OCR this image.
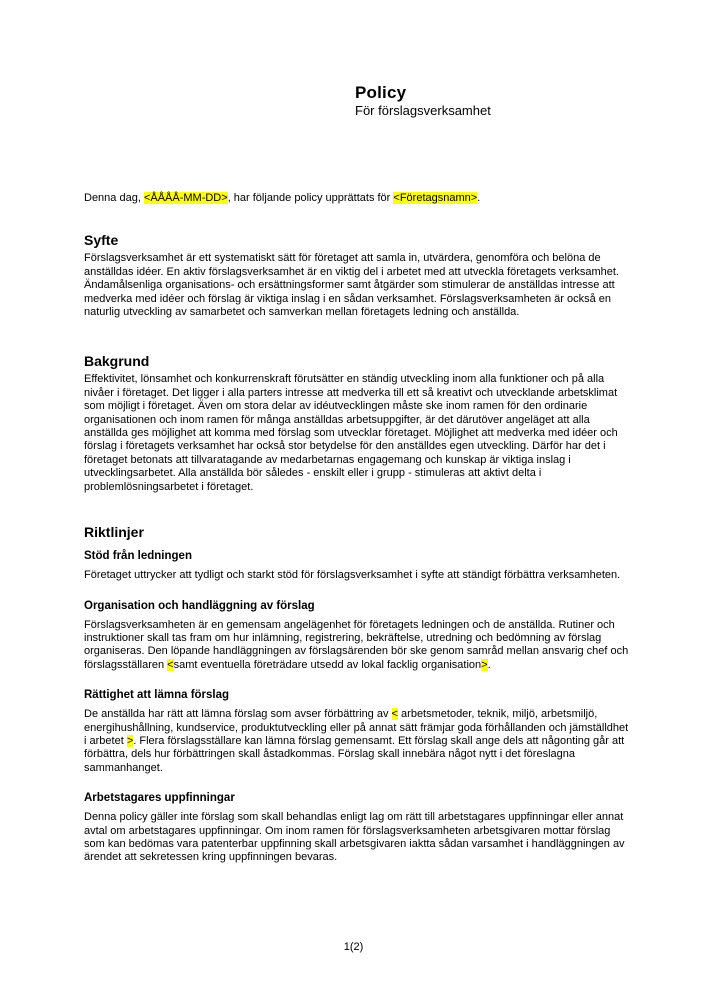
Policy
För förslagsverksamhet

Denna dag, <ÅÅÅÅ-MM-DD>, har följande policy upprättats för <Företagsnamn>.

Syfte

Förslagsverksamhet är ett systematiskt sätt för företaget att samla in, utvärdera, genomföra och belöna de anställdas idéer. En aktiv förslagsverksamhet är en viktig del i arbetet med att utveckla företagets verksamhet. Ändamålsenliga organisations- och ersättningsformer samt åtgärder som stimulerar de anställdas intresse att medverka med idéer och förslag är viktiga inslag i en sådan verksamhet. Förslagsverksamheten är också en naturlig utveckling av samarbetet och samverkan mellan företagets ledning och anställda.

Bakgrund

Effektivitet, lönsamhet och konkurrenskraft förutsätter en ständig utveckling inom alla funktioner och på alla nivåer i företaget. Det ligger i alla parters intresse att medverka till ett så kreativt och utvecklande arbetsklimat som möjligt i företaget. Även om stora delar av idéutvecklingen måste ske inom ramen för den ordinarie organisationen och inom ramen för många anställdas arbetsuppgifter, är det därutöver angeläget att alla anställda ges möjlighet att komma med förslag som utvecklar företaget. Möjlighet att medverka med idéer och förslag i företagets verksamhet har också stor betydelse för den anställdes egen utveckling. Därför har det i företaget betonats att tillvaratagande av medarbetarnas engagemang och kunskap är viktiga inslag i utvecklingsarbetet. Alla anställda bör således - enskilt eller i grupp - stimuleras att aktivt delta i problemlösningsarbetet i företaget.

Riktlinjer
Stöd från ledningen

Företaget uttrycker att tydligt och starkt stöd för förslagsverksamhet i syfte att ständigt förbättra verksamheten.

Organisation och handläggning av förslag

Förslagsverksamheten är en gemensam angelägenhet för företagets ledningen och de anställda. Rutiner och instruktioner skall tas fram om hur inlämning, registrering, bekräftelse, utredning och bedömning av förslag organiseras. Den löpande handläggningen av förslagsärenden bör ske genom samråd mellan ansvarig chef och förslagsställaren <samt eventuella företrädare utsedd av lokal facklig organisation>.

Rättighet att lämna förslag

De anställda har rätt att lämna förslag som avser förbättring av < arbetsmetoder, teknik, miljö, arbetsmiljö, energihushållning, kundservice, produktutveckling eller på annat sätt främjar goda förhållanden och jämställdhet i arbetet >. Flera förslagsställare kan lämna förslag gemensamt. Ett förslag skall ange dels att någonting går att förbättra, dels hur förbättringen skall åstadkommas. Förslag skall innebära något nytt i det föreslagna sammanhanget.

Arbetstagares uppfinningar

Denna policy gäller inte förslag som skall behandlas enligt lag om rätt till arbetstagares uppfinningar eller annat avtal om arbetstagares uppfinningar. Om inom ramen för förslagsverksamheten arbetsgivaren mottar förslag som kan bedömas vara patenterbar uppfinning skall arbetsgivaren iaktta sådan varsamhet i handläggningen av ärendet att sekretessen kring uppfinningen bevaras.

1(2)
